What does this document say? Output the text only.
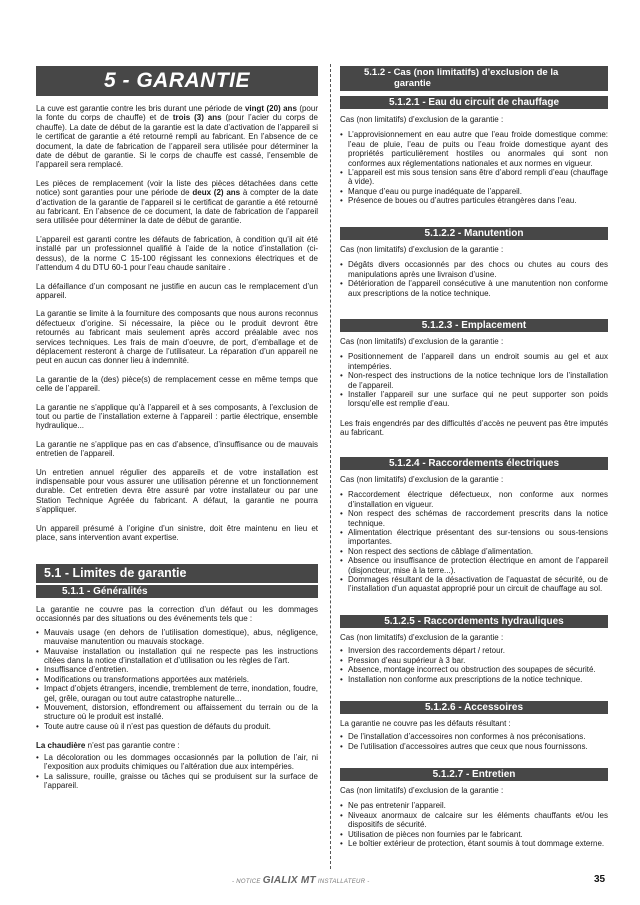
5 - GARANTIE

La cuve est garantie contre les bris durant une période de vingt (20) ans (pour la fonte du corps de chauffe) et de trois (3) ans (pour l’acier du corps de chauffe). La date de début de la garantie est la date d’activation de l’appareil si le certificat de garantie a été retourné rempli au fabricant. En l’absence de ce document, la date de fabrication de l’appareil sera utilisée pour déterminer la date de début de garantie. Si le corps de chauffe est cassé, l’ensemble de l’appareil sera remplacé.

Les pièces de remplacement (voir la liste des pièces détachées dans cette notice) sont garanties pour une période de deux (2) ans à compter de la date d’activation de la garantie de l’appareil si le certificat de garantie a été retourné au fabricant. En l’absence de ce document, la date de fabrication de l’appareil sera utilisée pour déterminer la date de début de garantie.

L’appareil est garanti contre les défauts de fabrication, à condition qu’il ait été installé par un professionnel qualifié à l’aide de la notice d’installation (ci-dessus), de la norme C 15-100 régissant les connexions électriques et de l’attendum 4 du DTU 60-1 pour l’eau chaude sanitaire .

La défaillance d’un composant ne justifie en aucun cas le remplacement d’un appareil.

La garantie se limite à la fourniture des composants que nous aurons reconnus défectueux d’origine. Si nécessaire, la pièce ou le produit devront être retournés au fabricant mais seulement après accord préalable avec nos services techniques. Les frais de main d’oeuvre, de port, d’emballage et de déplacement resteront à charge de l’utilisateur. La réparation d’un appareil ne peut en aucun cas donner lieu à indemnité.

La garantie de la (des) pièce(s) de remplacement cesse en même temps que celle de l’appareil.

La garantie ne s’applique qu’à l’appareil et à ses composants, à l’exclusion de tout ou partie de l’installation externe à l’appareil : partie électrique, ensemble hydraulique...

La garantie ne s’applique pas en cas d’absence, d’insuffisance ou de mauvais entretien de l’appareil.

Un entretien annuel régulier des appareils et de votre installation est indispensable pour vous assurer une utilisation pérenne et un fonctionnement durable. Cet entretien devra être assuré par votre installateur ou par une Station Technique Agréée du fabricant. A défaut, la garantie ne pourra s’appliquer.

Un appareil présumé à l’origine d’un sinistre, doit être maintenu en lieu et place, sans intervention avant expertise.

5.1 - Limites de garantie
5.1.1 - Généralités

La garantie ne couvre pas la correction d’un défaut ou les dommages occasionnés par des situations ou des événements tels que :

• Mauvais usage (en dehors de l’utilisation domestique), abus, négligence, mauvaise manutention ou mauvais stockage.
• Mauvaise installation ou installation qui ne respecte pas les instructions citées dans la notice d’installation et d’utilisation ou les règles de l’art.
• Insuffisance d’entretien.
• Modifications ou transformations apportées aux matériels.
• Impact d’objets étrangers, incendie, tremblement de terre, inondation, foudre, gel, grêle, ouragan ou tout autre catastrophe naturelle...
• Mouvement, distorsion, effondrement ou affaissement du terrain ou de la structure où le produit est installé.
• Toute autre cause où il n’est pas question de défauts du produit.

La chaudière n’est pas garantie contre :

• La décoloration ou les dommages occasionnés par la pollution de l’air, ni l’exposition aux produits chimiques ou l’altération due aux intempéries.
• La salissure, rouille, graisse ou tâches qui se produisent sur la surface de l’appareil.
5.1.2 - Cas (non limitatifs) d’exclusion de la
garantie
5.1.2.1 - Eau du circuit de chauffage

Cas (non limitatifs) d’exclusion de la garantie :

• L’approvisionnement en eau autre que l’eau froide domestique comme: l’eau de pluie, l’eau de puits ou l’eau froide domestique ayant des propriétés particulièrement hostiles ou anormales qui sont non conformes aux réglementations nationales et aux normes en vigueur.
• L’appareil est mis sous tension sans être d’abord rempli d’eau (chauffage à vide).
• Manque d’eau ou purge inadéquate de l’appareil.
• Présence de boues ou d’autres particules étrangères dans l’eau.
5.1.2.2 - Manutention

Cas (non limitatifs) d’exclusion de la garantie :

• Dégâts divers occasionnés par des chocs ou chutes au cours des manipulations après une livraison d’usine.
• Détérioration de l’appareil consécutive à une manutention non conforme aux prescriptions de la notice technique.
5.1.2.3 - Emplacement

Cas (non limitatifs) d’exclusion de la garantie :

• Positionnement de l’appareil dans un endroit soumis au gel et aux intempéries.
• Non-respect des instructions de la notice technique lors de l’installation de l’appareil.
• Installer l’appareil sur une surface qui ne peut supporter son poids lorsqu’elle est remplie d’eau.

Les frais engendrés par des difficultés d’accès ne peuvent pas être imputés au fabricant.

5.1.2.4 - Raccordements électriques

Cas (non limitatifs) d’exclusion de la garantie :

• Raccordement électrique défectueux, non conforme aux normes d’installation en vigueur.
• Non respect des schémas de raccordement prescrits dans la notice technique.
• Alimentation électrique présentant des sur-tensions ou sous-tensions importantes.
• Non respect des sections de câblage d’alimentation.
• Absence ou insuffisance de protection électrique en amont de l’appareil (disjoncteur, mise à la terre...).
• Dommages résultant de la désactivation de l’aquastat de sécurité, ou de l’installation d’un aquastat approprié pour un circuit de chauffage au sol.
5.1.2.5 - Raccordements hydrauliques

Cas (non limitatifs) d’exclusion de la garantie :

• Inversion des raccordements départ / retour.
• Pression d’eau supérieur à 3 bar.
• Absence, montage incorrect ou obstruction des soupapes de sécurité.
• Installation non conforme aux prescriptions de la notice technique.
5.1.2.6 - Accessoires

La garantie ne couvre pas les défauts résultant :

• De l’installation d’accessoires non conformes à nos préconisations.
• De l’utilisation d’accessoires autres que ceux que nous fournissons.
5.1.2.7 - Entretien

Cas (non limitatifs) d’exclusion de la garantie :

• Ne pas entretenir l’appareil.
• Niveaux anormaux de calcaire sur les éléments chauffants et/ou les dispositifs de sécurité.
• Utilisation de pièces non fournies par le fabricant.
• Le boîtier extérieur de protection, étant soumis à tout dommage externe.
- NOTICE GIALIX MT INSTALLATEUR -	35
